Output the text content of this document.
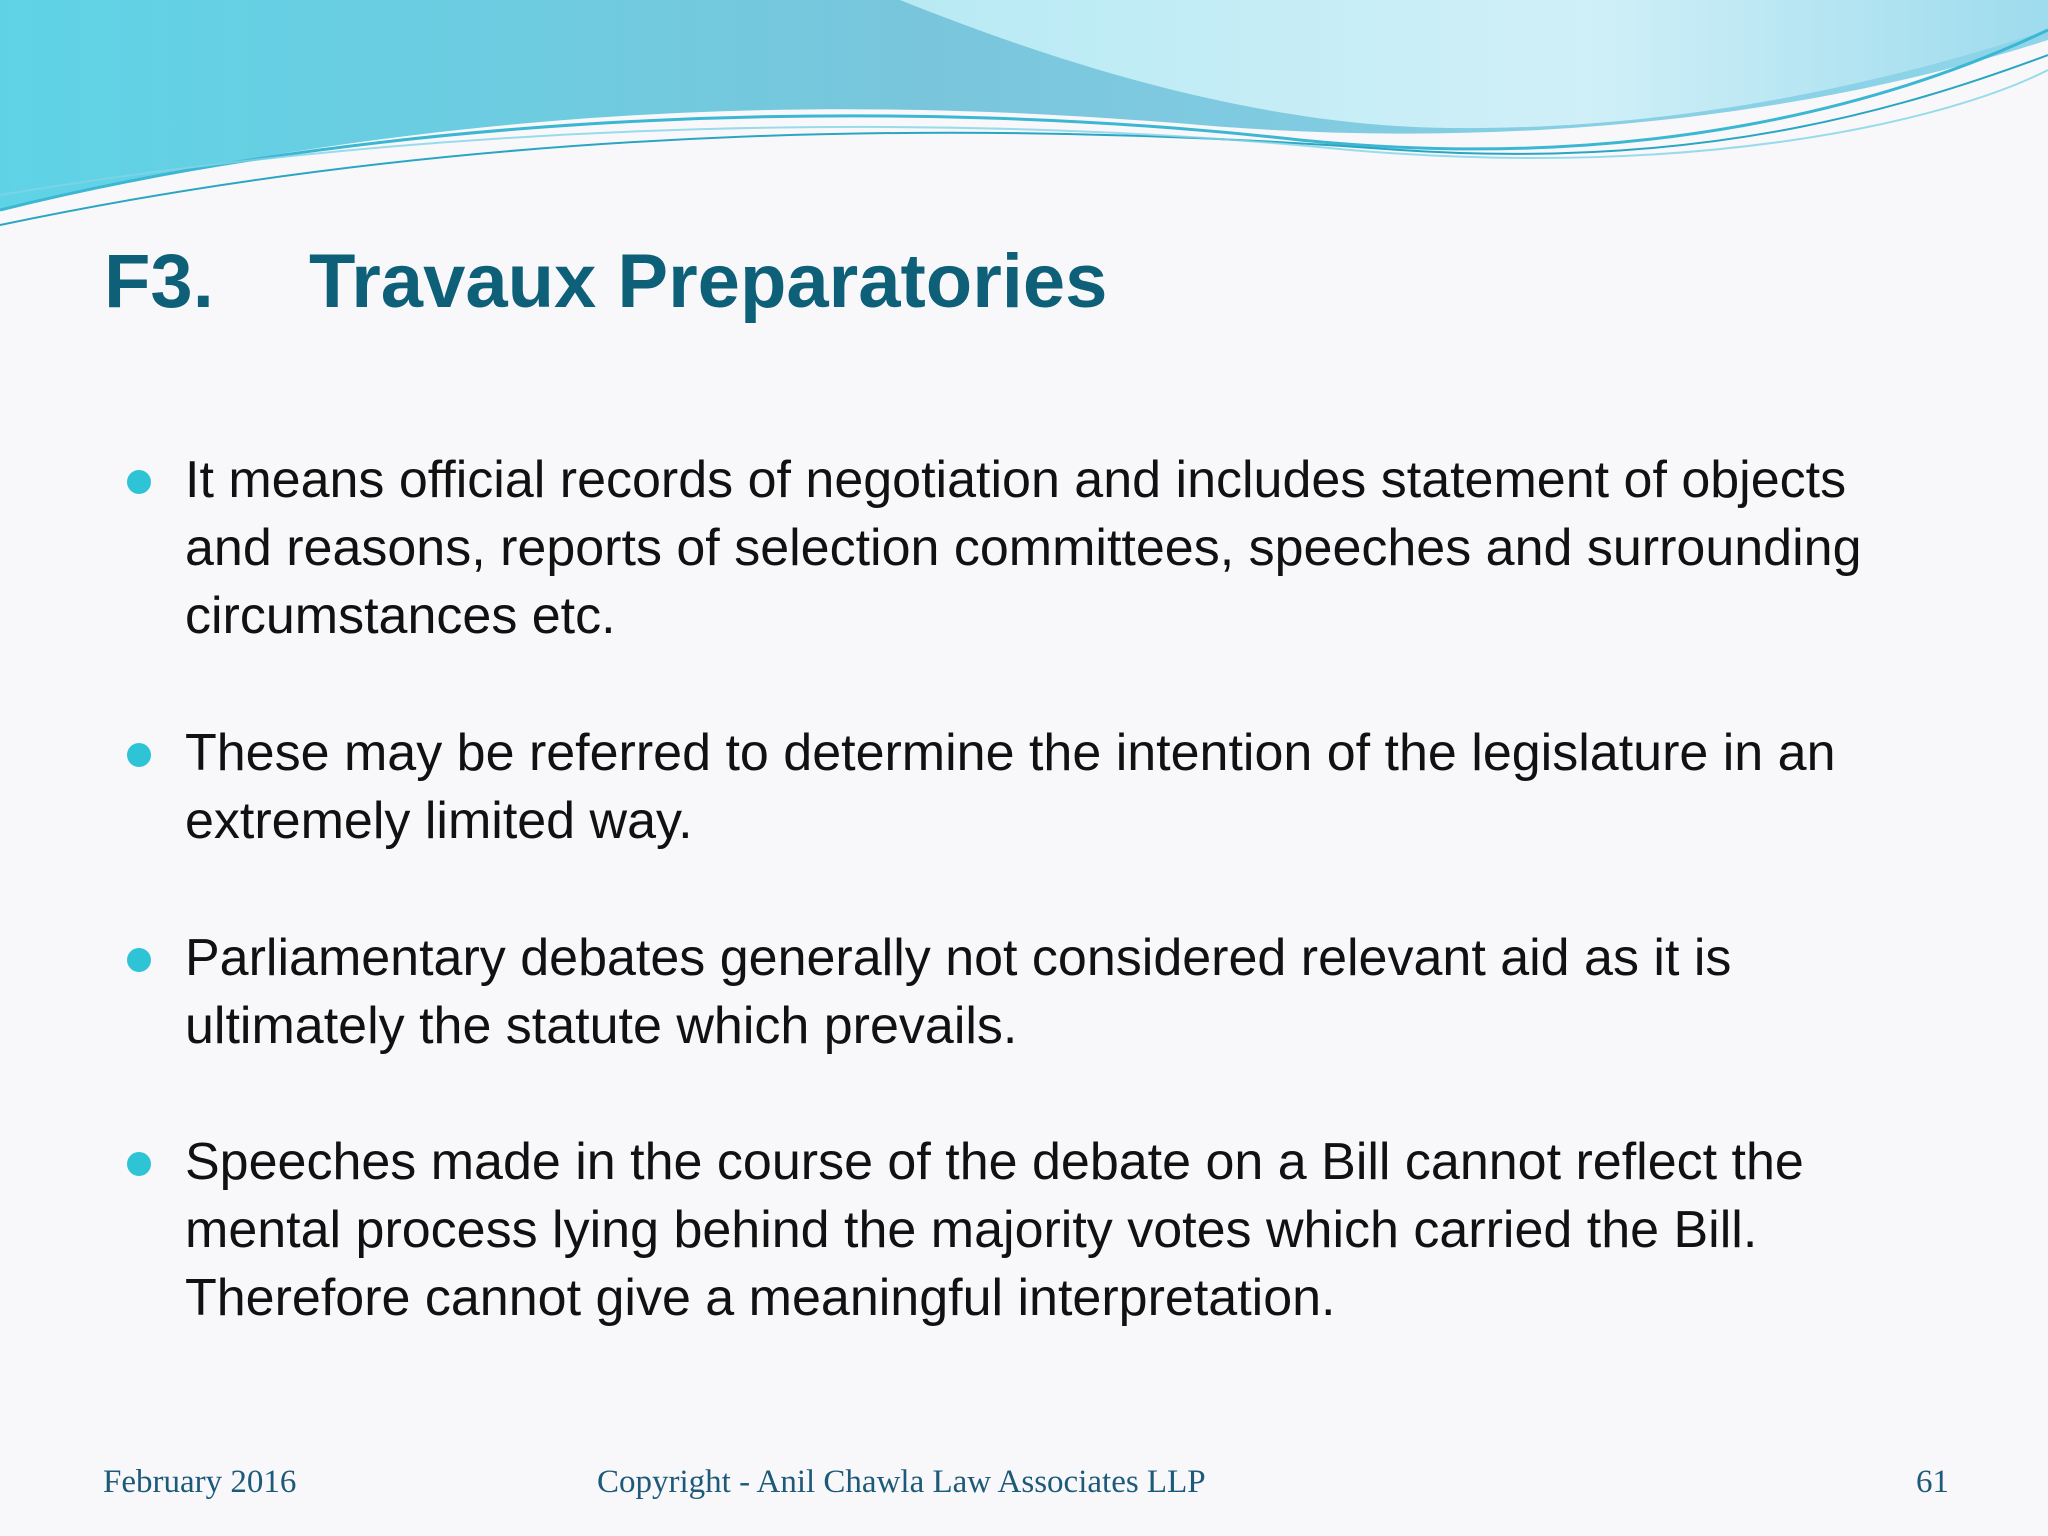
F3. Travaux Preparatories
It means official records of negotiation and includes statement of objects and reasons, reports of selection committees, speeches and surrounding circumstances etc.
These may be referred to determine the intention of the legislature in an extremely limited way.
Parliamentary debates generally not considered relevant aid as it is ultimately the statute which prevails.
Speeches made in the course of the debate on a Bill cannot reflect the mental process lying behind the majority votes which carried the Bill. Therefore cannot give a meaningful interpretation.
February 2016	Copyright - Anil Chawla Law Associates LLP	61
